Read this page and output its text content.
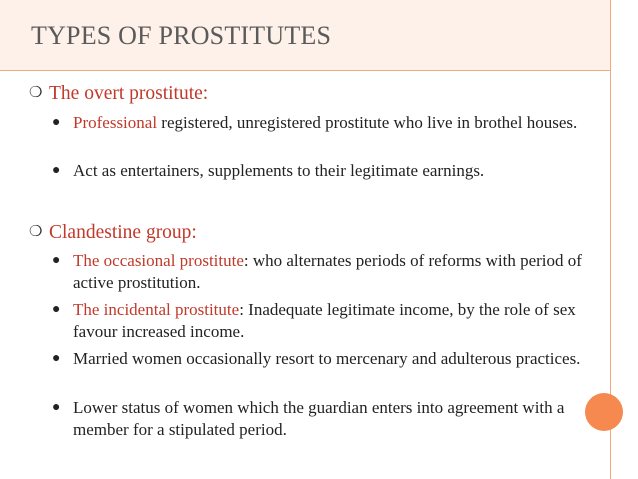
TYPES OF PROSTITUTES
❍ The overt prostitute:
● Professional registered, unregistered prostitute who live in brothel houses.
● Act as entertainers, supplements to their legitimate earnings.
❍ Clandestine group:
● The occasional prostitute: who alternates periods of reforms with period of active prostitution.
● The incidental prostitute: Inadequate legitimate income, by the role of sex favour increased income.
● Married women occasionally resort to mercenary and adulterous practices.
● Lower status of women which the guardian enters into agreement with a member for a stipulated period.
